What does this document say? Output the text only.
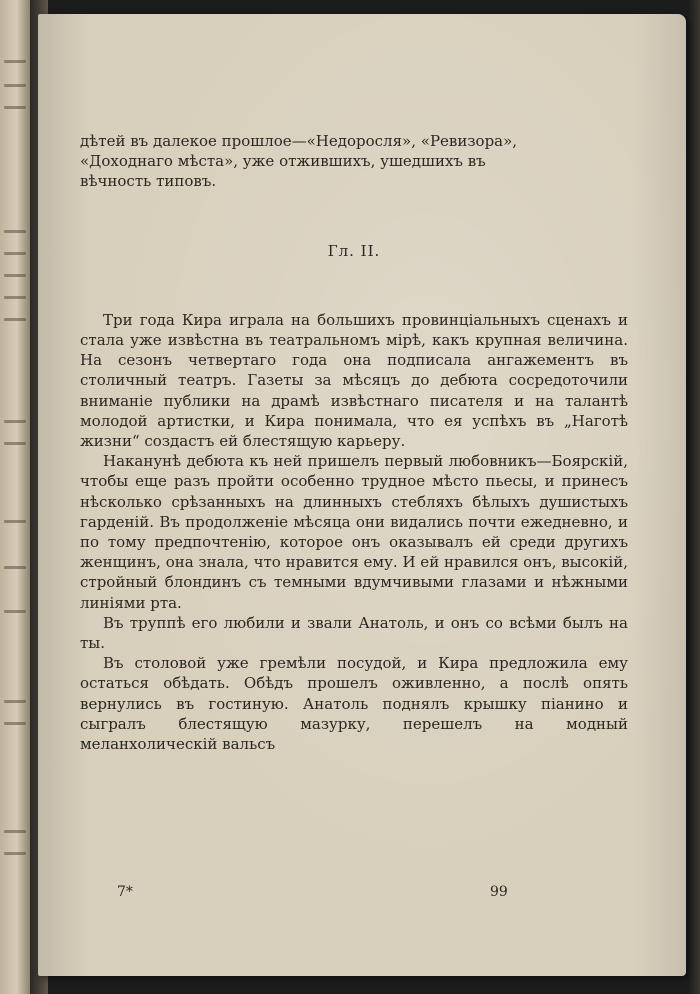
дѣтей въ далекое прошлое—«Недоросля», «Ревизора»,

«Доходнаго мѣста», уже отжившихъ, ушедшихъ въ

вѣчность типовъ.

Гл. II.

Три года Кира играла на большихъ провинціальныхъ сценахъ и стала уже извѣстна въ театральномъ мірѣ, какъ крупная величина. На сезонъ четвертаго года она подписала ангажементъ въ столичный театръ. Газеты за мѣсяцъ до дебюта сосредоточили вниманіе публики на драмѣ извѣстнаго писателя и на талантѣ молодой артистки, и Кира понимала, что ея успѣхъ въ „Наготѣ жизни“ создастъ ей блестящую карьеру.

Наканунѣ дебюта къ ней пришелъ первый любовникъ—Боярскій, чтобы еще разъ пройти особенно трудное мѣсто пьесы, и принесъ нѣсколько срѣзанныхъ на длинныхъ стебляхъ бѣлыхъ душистыхъ гарденій. Въ продолженіе мѣсяца они видались почти ежедневно, и по тому предпочтенію, которое онъ оказывалъ ей среди другихъ женщинъ, она знала, что нравится ему. И ей нравился онъ, высокій, стройный блондинъ съ темными вдумчивыми глазами и нѣжными линіями рта.

Въ труппѣ его любили и звали Анатоль, и онъ со всѣми былъ на ты.

Въ столовой уже гремѣли посудой, и Кира предложила ему остаться обѣдать. Обѣдъ прошелъ оживленно, а послѣ опять вернулись въ гостиную. Анатоль поднялъ крышку піанино и сыгралъ блестящую мазурку, перешелъ на модный меланхолическій вальсъ

7*	99
